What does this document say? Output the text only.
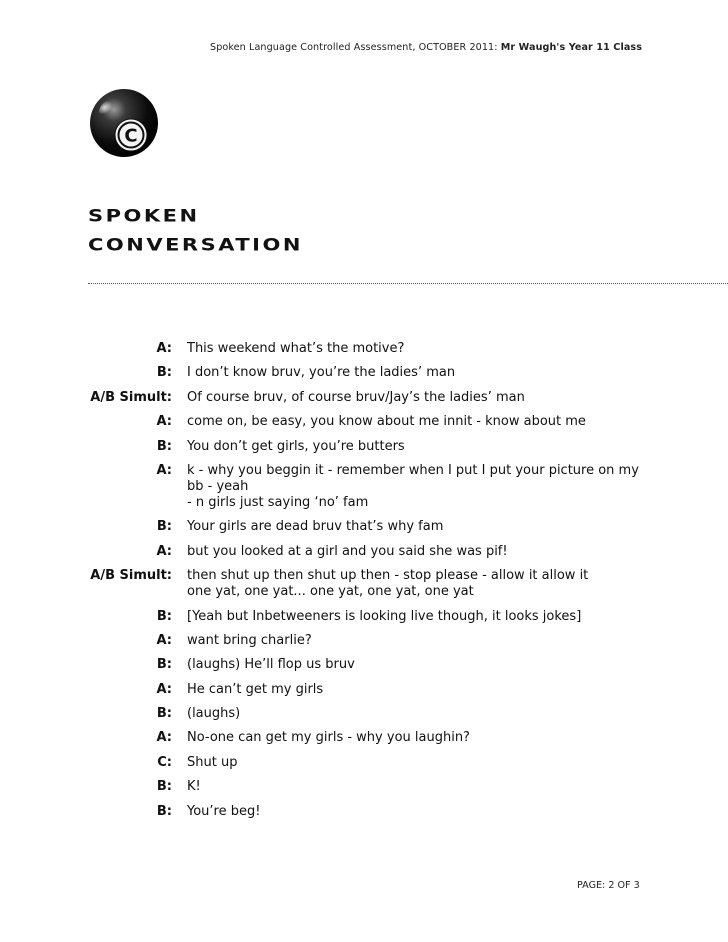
Spoken Language Controlled Assessment, OCTOBER 2011: Mr Waugh's Year 11 Class
C
spoken
conversation
A: This weekend what’s the motive?
B: I don’t know bruv, you’re the ladies’ man
A/B Simult: Of course bruv, of course bruv/Jay’s the ladies’ man
A: come on, be easy, you know about me innit - know about me
B: You don’t get girls, you’re butters
A: k - why you beggin it - remember when I put I put your picture on my bb - yeah
- n girls just saying ‘no’ fam
B: Your girls are dead bruv that’s why fam
A: but you looked at a girl and you said she was pif!
A/B Simult: then shut up then shut up then - stop please - allow it allow it
one yat, one yat... one yat, one yat, one yat
B: [Yeah but Inbetweeners is looking live though, it looks jokes]
A: want bring charlie?
B: (laughs) He’ll flop us bruv
A: He can’t get my girls
B: (laughs)
A: No-one can get my girls - why you laughin?
C: Shut up
B: K!
B: You’re beg!
PAGE: 2 OF 3
